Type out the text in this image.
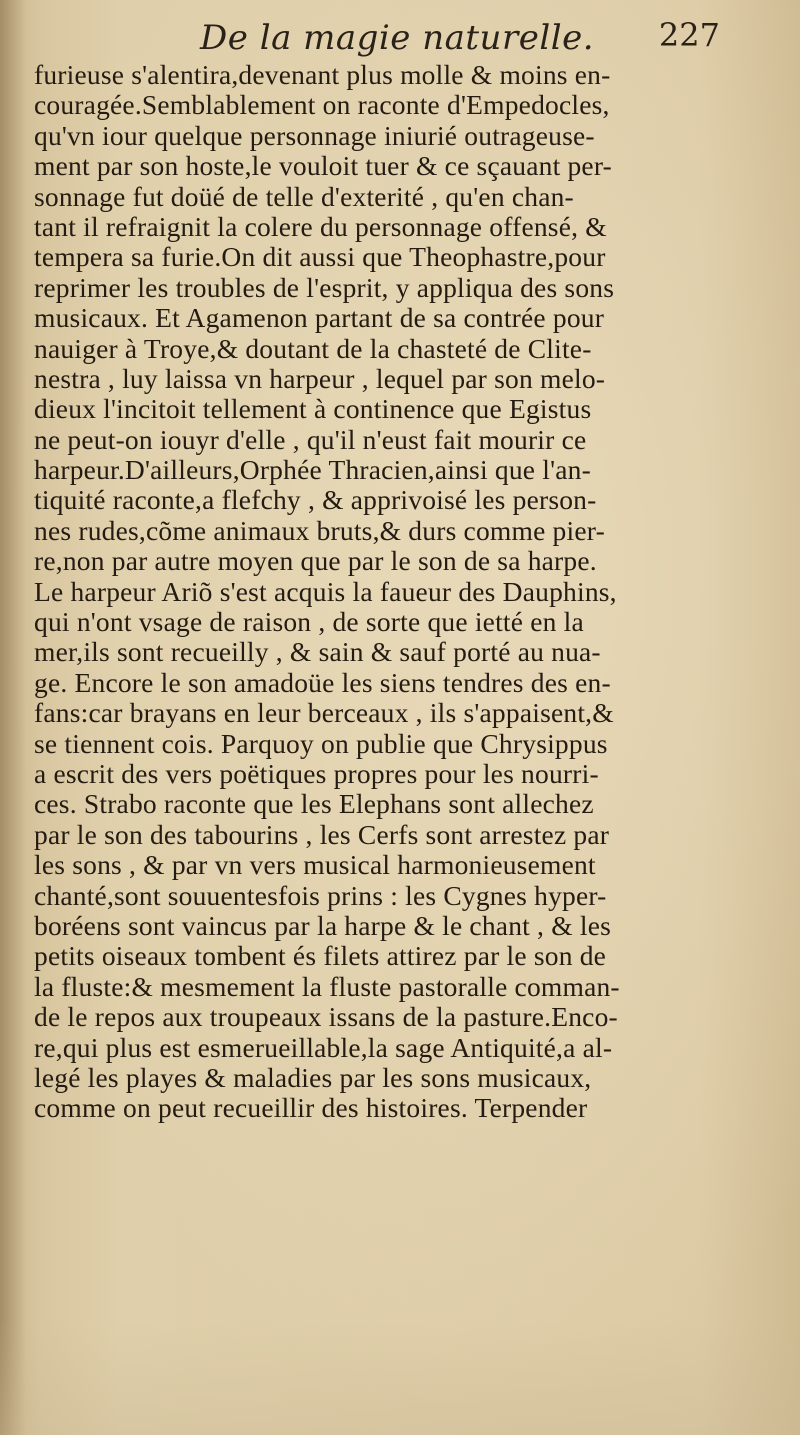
De la magie naturelle. 227
furieuse s'alentira,devenant plus molle & moins en-
couragée.Semblablement on raconte d'Empedocles,
qu'vn iour quelque personnage iniurié outrageuse-
ment par son hoste,le vouloit tuer & ce sçauant per-
sonnage fut doüé de telle d'exterité , qu'en chan-
tant il refraignit la colere du personnage offensé, &
tempera sa furie.On dit aussi que Theophastre,pour
reprimer les troubles de l'esprit, y appliqua des sons
musicaux. Et Agamenon partant de sa contrée pour
nauiger à Troye,& doutant de la chasteté de Clite-
nestra , luy laissa vn harpeur , lequel par son melo-
dieux l'incitoit tellement à continence que Egistus
ne peut-on iouyr d'elle , qu'il n'eust fait mourir ce
harpeur.D'ailleurs,Orphée Thracien,ainsi que l'an-
tiquité raconte,a flefchy , & apprivoisé les person-
nes rudes,cõme animaux bruts,& durs comme pier-
re,non par autre moyen que par le son de sa harpe.
Le harpeur Ariõ s'est acquis la faueur des Dauphins,
qui n'ont vsage de raison , de sorte que ietté en la
mer,ils sont recueilly , & sain & sauf porté au nua-
ge. Encore le son amadoüe les siens tendres des en-
fans:car brayans en leur berceaux , ils s'appaisent,&
se tiennent cois. Parquoy on publie que Chrysippus
a escrit des vers poëtiques propres pour les nourri-
ces. Strabo raconte que les Elephans sont allechez
par le son des tabourins , les Cerfs sont arrestez par
les sons , & par vn vers musical harmonieusement
chanté,sont souuentesfois prins : les Cygnes hyper-
boréens sont vaincus par la harpe & le chant , & les
petits oiseaux tombent és filets attirez par le son de
la fluste:& mesmement la fluste pastoralle comman-
de le repos aux troupeaux issans de la pasture.Enco-
re,qui plus est esmerueillable,la sage Antiquité,a al-
legé les playes & maladies par les sons musicaux,
comme on peut recueillir des histoires. Terpender
